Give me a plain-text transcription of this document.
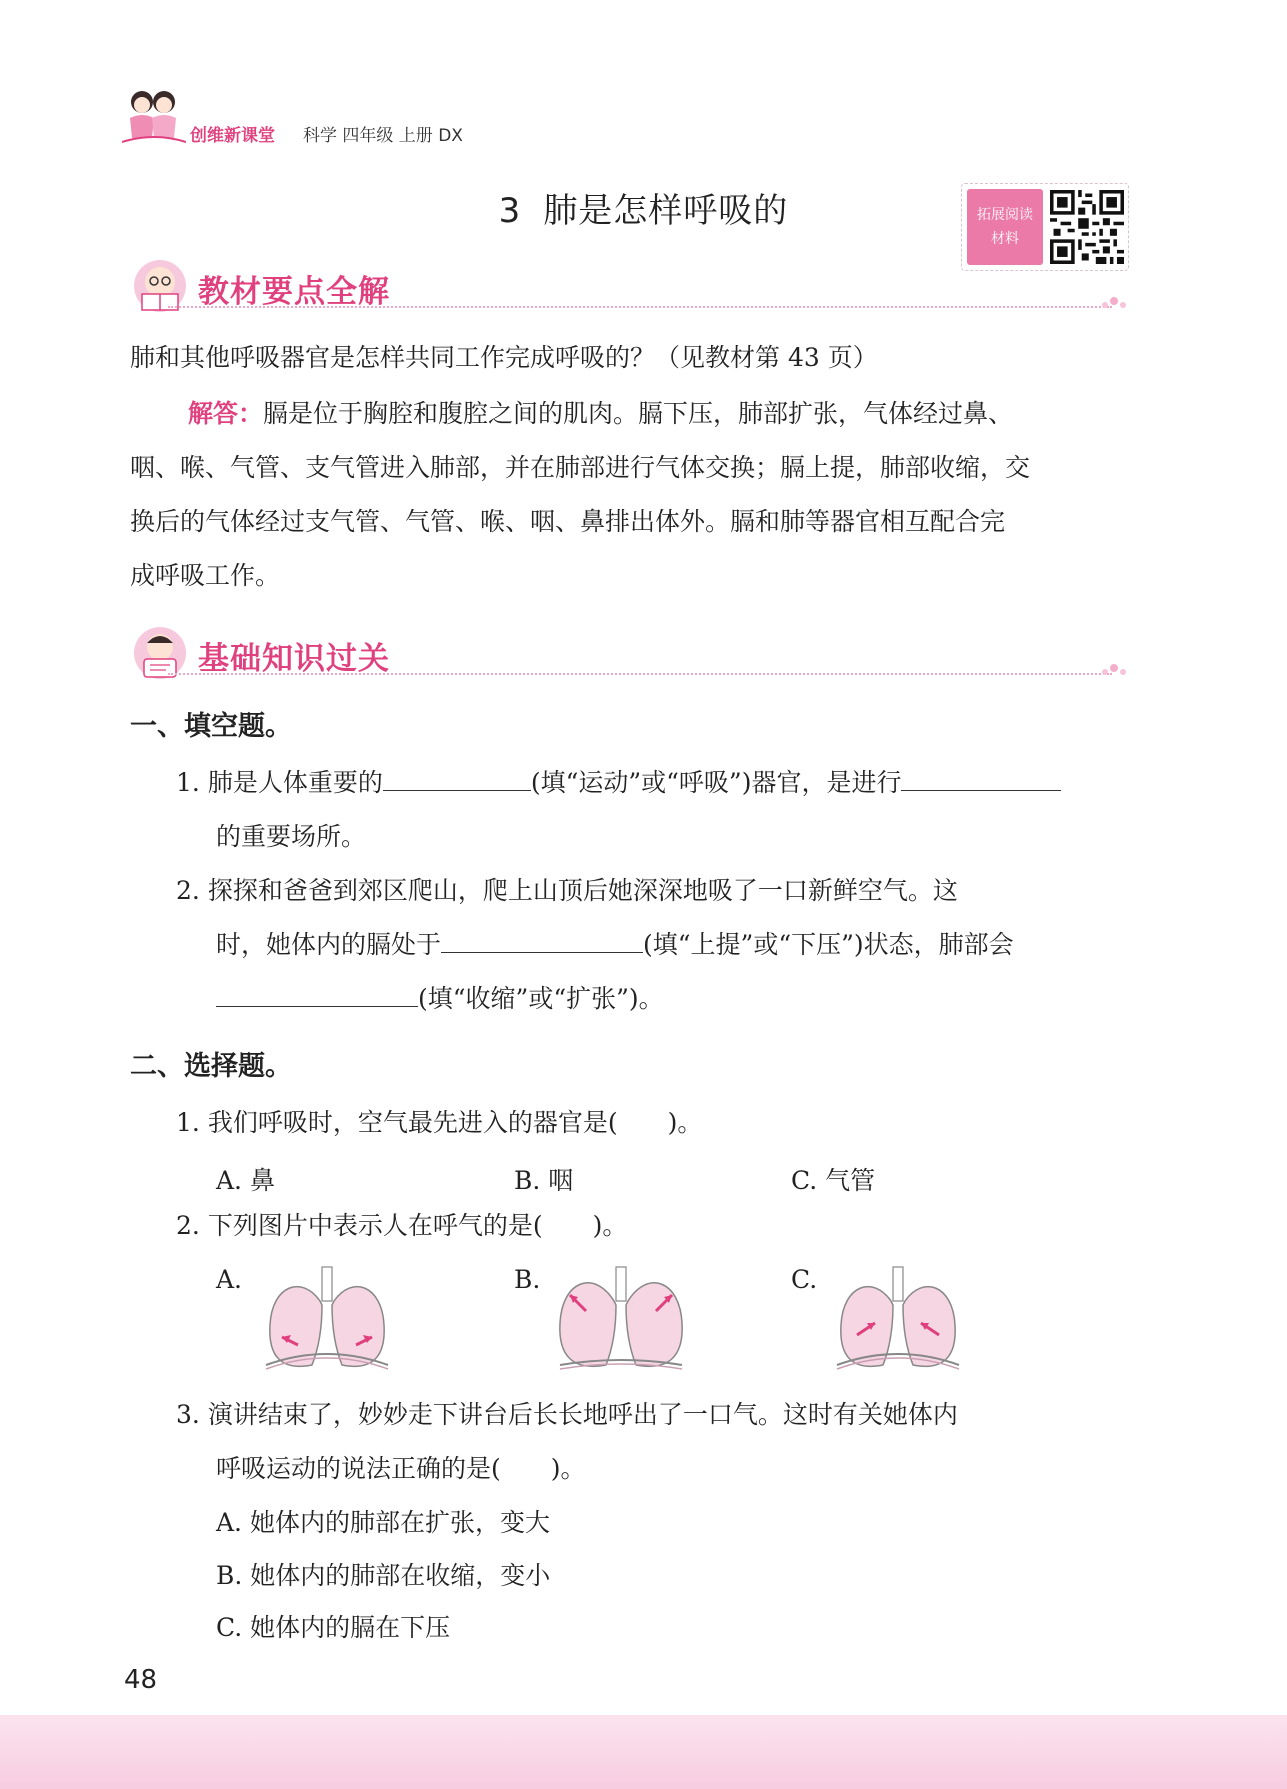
创维新课堂 科学 四年级 上册 DX
3 肺是怎样呼吸的	拓展阅读
材料
教材要点全解
肺和其他呼吸器官是怎样共同工作完成呼吸的？（见教材第 43 页）
解答：膈是位于胸腔和腹腔之间的肌肉。膈下压，肺部扩张，气体经过鼻、
咽、喉、气管、支气管进入肺部，并在肺部进行气体交换；膈上提，肺部收缩，交
换后的气体经过支气管、气管、喉、咽、鼻排出体外。膈和肺等器官相互配合完
成呼吸工作。
基础知识过关
一、填空题。
1. 肺是人体重要的	(填“运动”或“呼吸”)器官，是进行
的重要场所。
2. 探探和爸爸到郊区爬山，爬上山顶后她深深地吸了一口新鲜空气。这
时，她体内的膈处于	(填“上提”或“下压”)状态，肺部会
(填“收缩”或“扩张”)。
二、选择题。
1. 我们呼吸时，空气最先进入的器官是(　　)。
A. 鼻	B. 咽	C. 气管
2. 下列图片中表示人在呼气的是(　　)。
A.	B.	C.
3. 演讲结束了，妙妙走下讲台后长长地呼出了一口气。这时有关她体内
呼吸运动的说法正确的是(　　)。
A. 她体内的肺部在扩张，变大
B. 她体内的肺部在收缩，变小
C. 她体内的膈在下压
48
